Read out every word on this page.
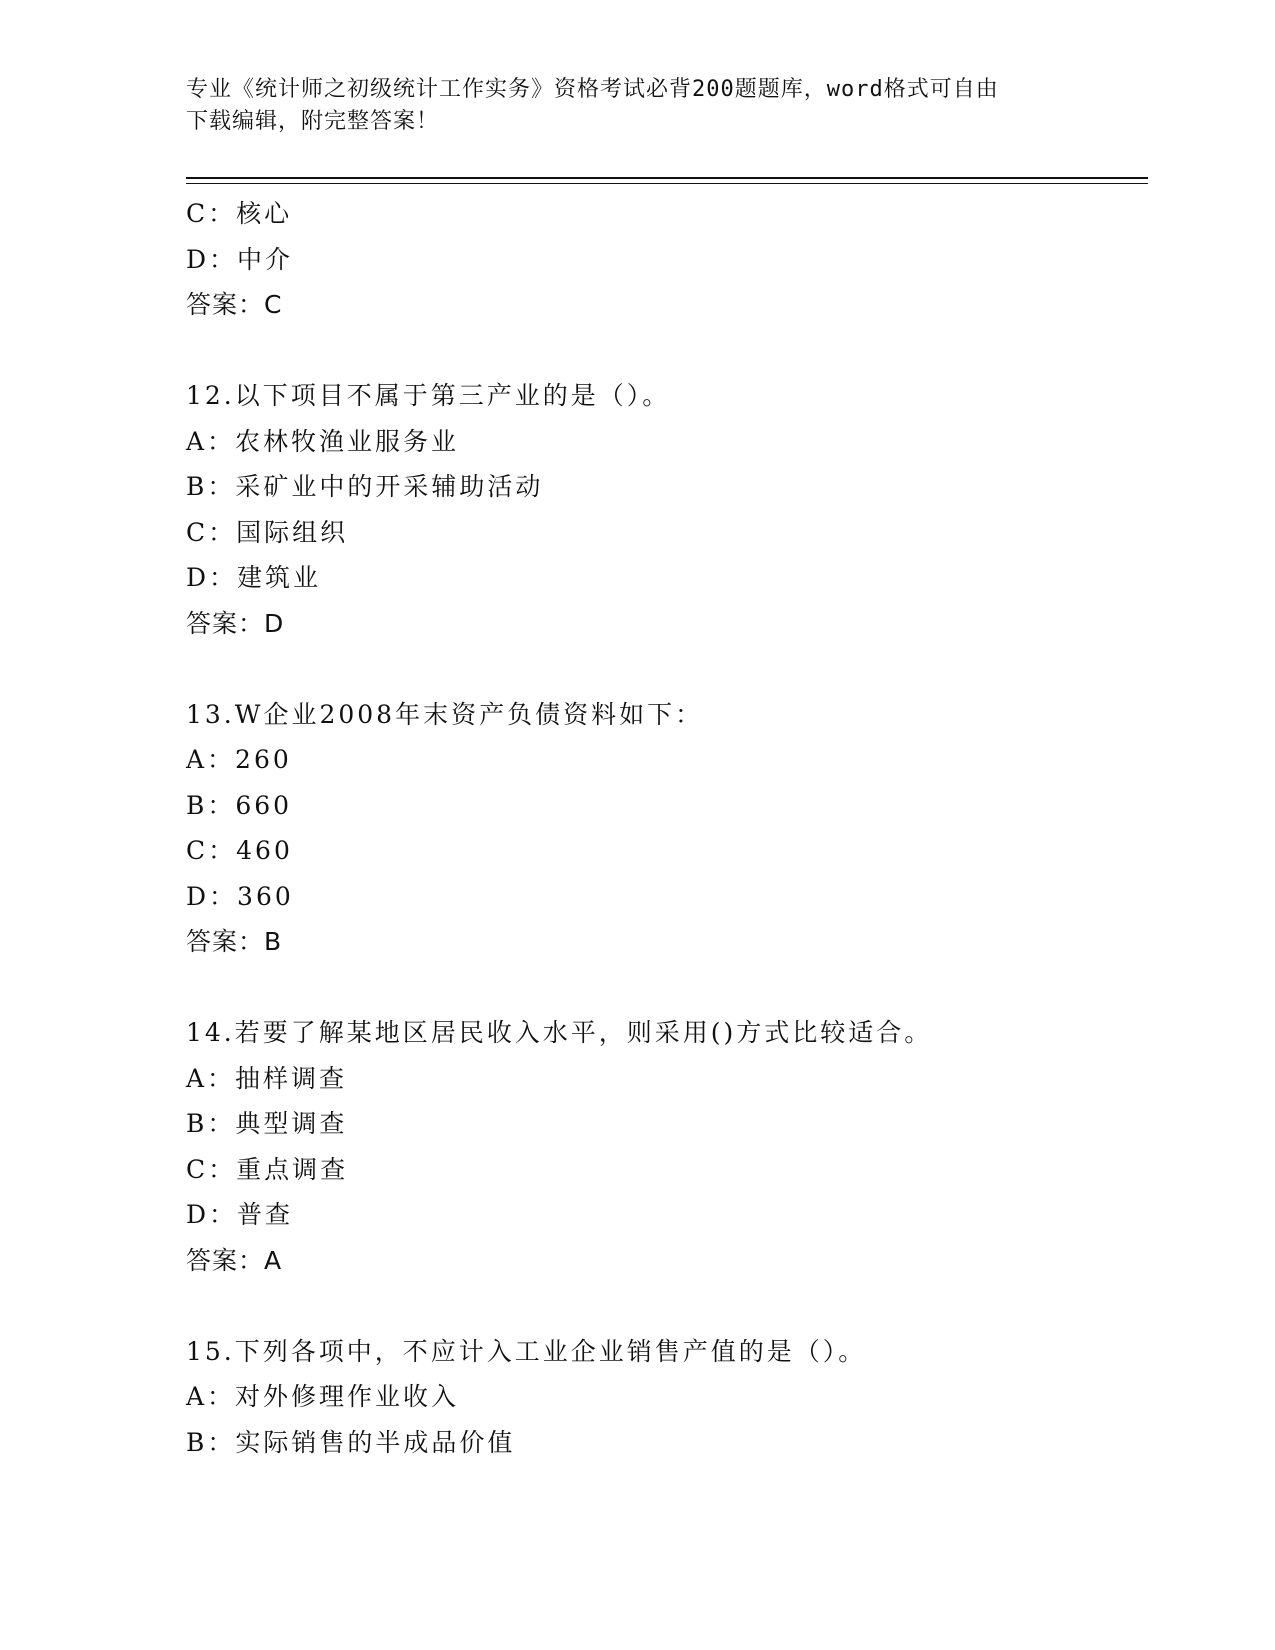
专业《统计师之初级统计工作实务》资格考试必背200题题库，word格式可自由
下载编辑，附完整答案！
C：核心
D：中介
答案：C
12.以下项目不属于第三产业的是（）。
A：农林牧渔业服务业
B：采矿业中的开采辅助活动
C：国际组织
D：建筑业
答案：D
13.W企业2008年末资产负债资料如下：
A：260
B：660
C：460
D：360
答案：B
14.若要了解某地区居民收入水平，则采用()方式比较适合。
A：抽样调查
B：典型调查
C：重点调查
D：普查
答案：A
15.下列各项中，不应计入工业企业销售产值的是（）。
A：对外修理作业收入
B：实际销售的半成品价值
